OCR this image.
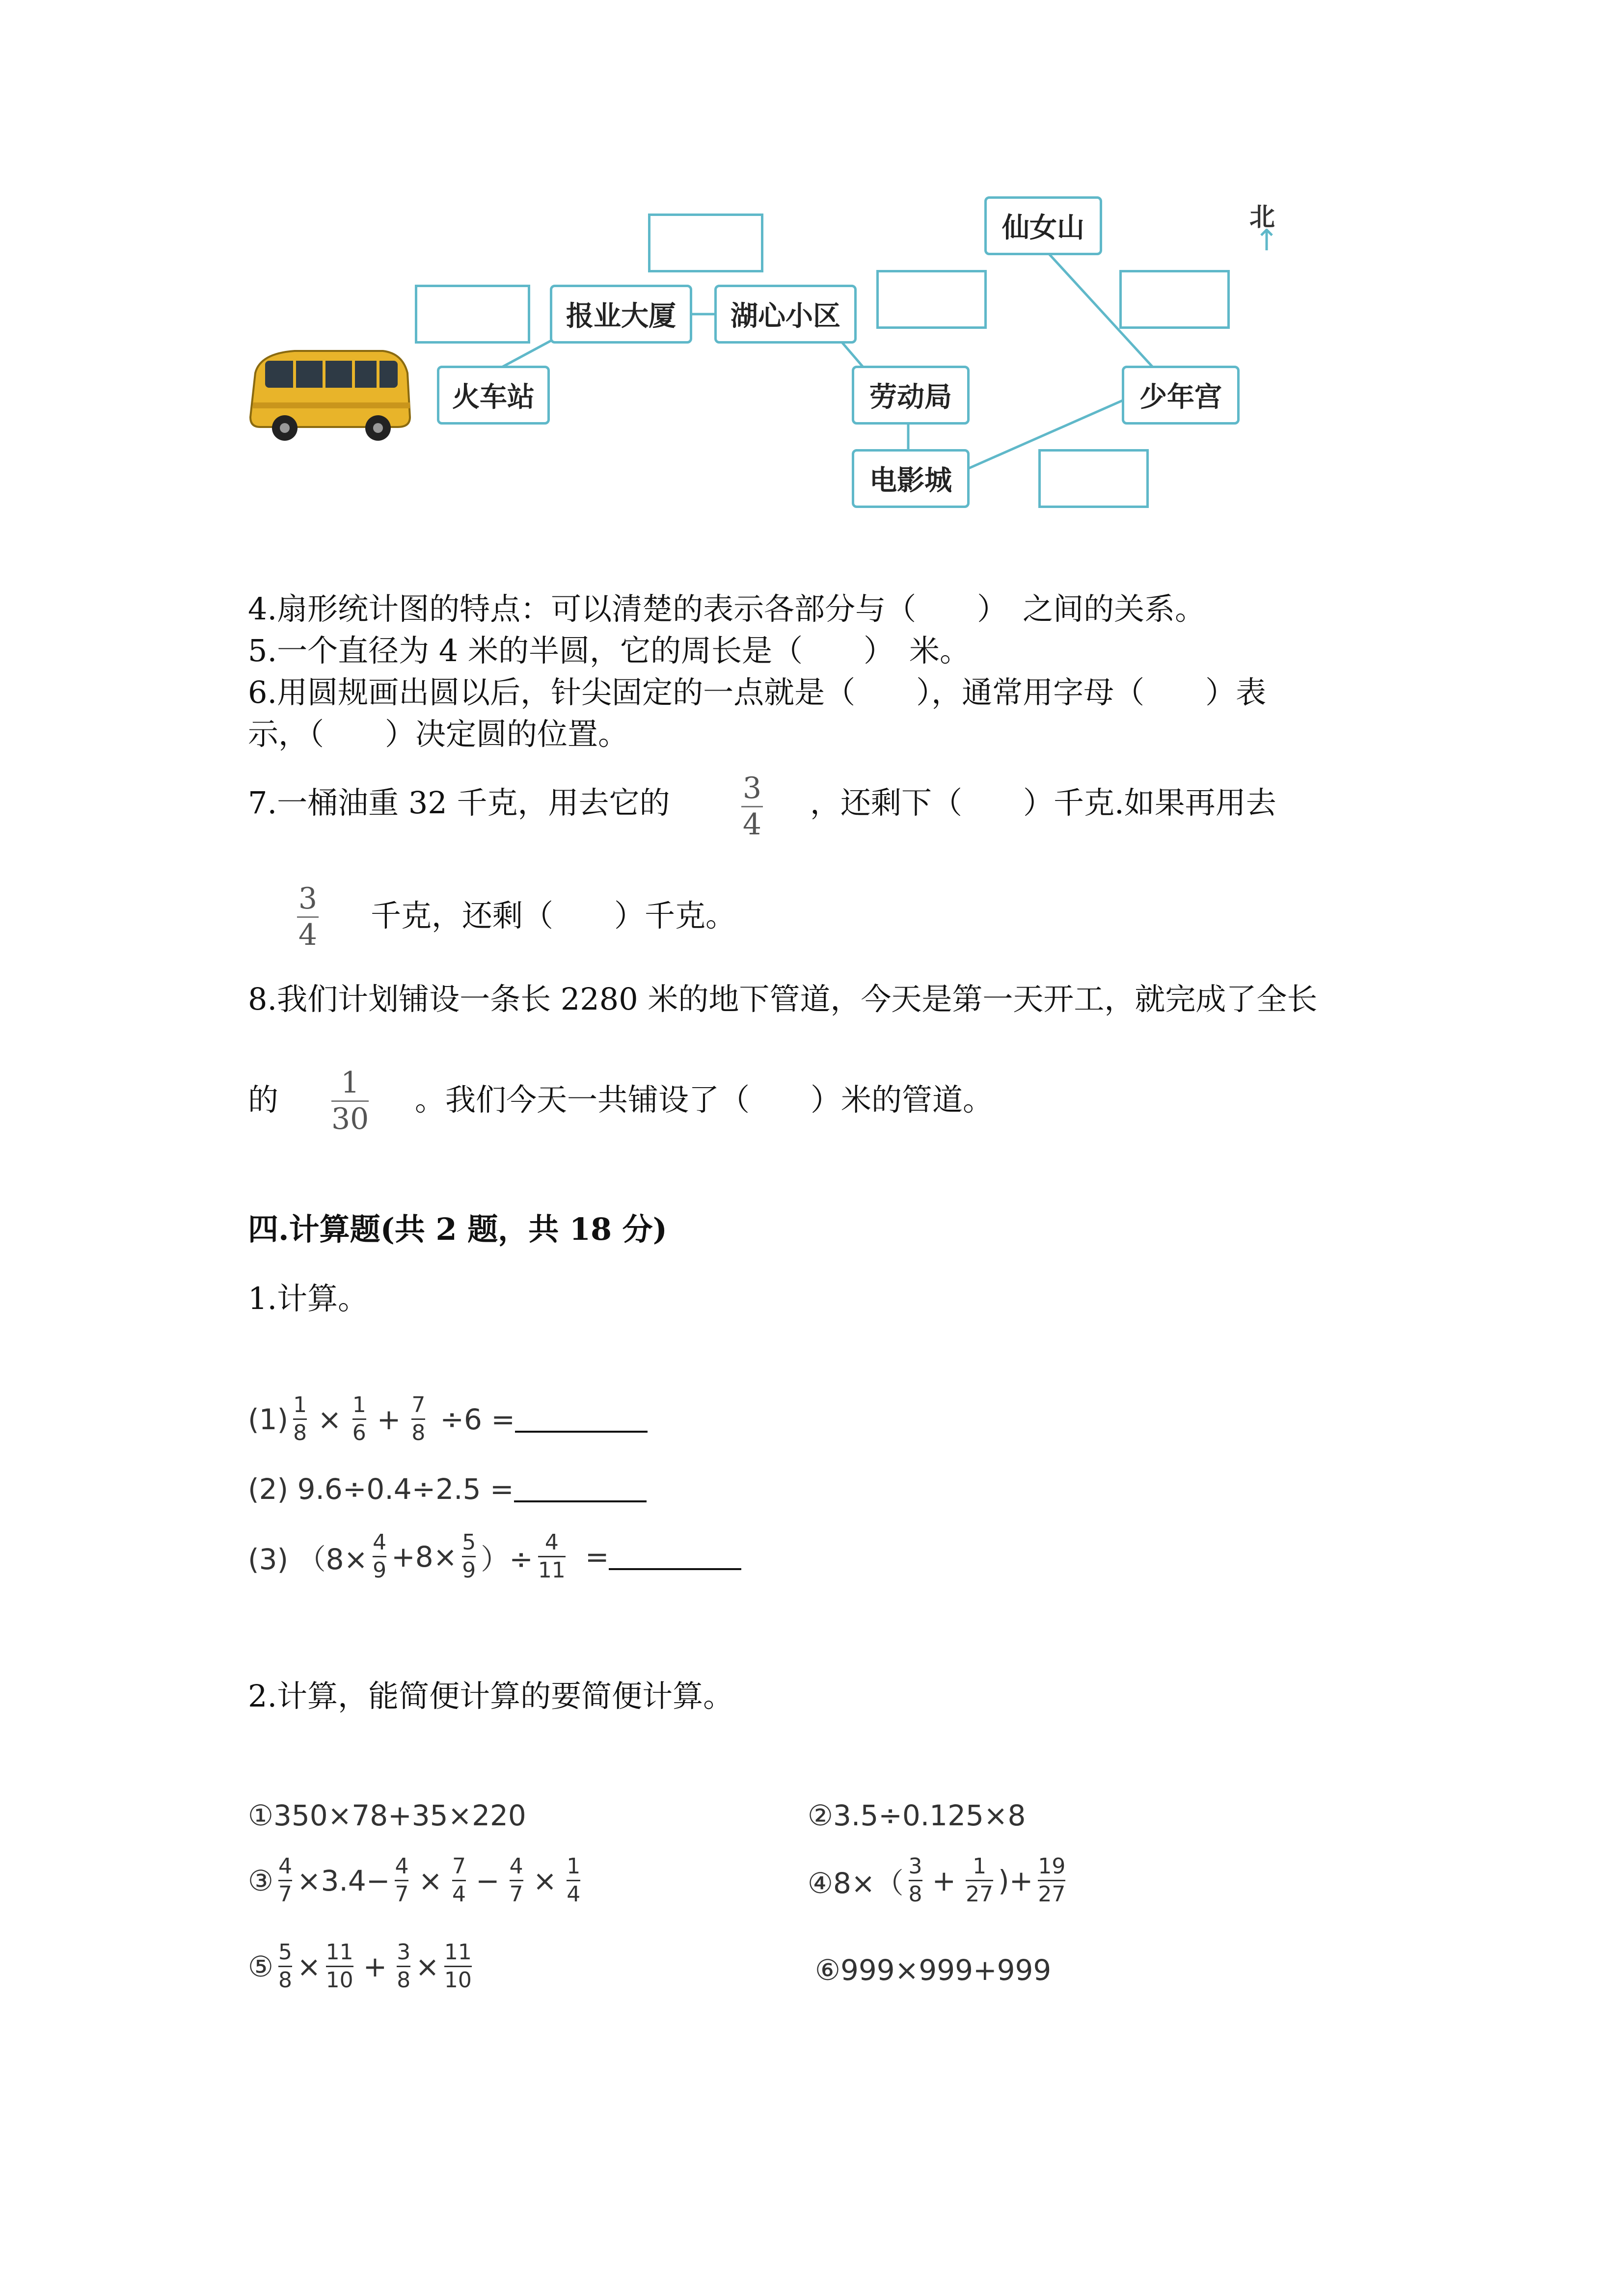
火车站
报业大厦	湖心小区
劳动局
电影城
仙女山
少年宫
北
↑
4.扇形统计图的特点：可以清楚的表示各部分与（　　）　之间的关系。
5.一个直径为 4 米的半圆，它的周长是（　　）　米。
6.用圆规画出圆以后，针尖固定的一点就是（　　），通常用字母（　　）表
示，（　　）决定圆的位置。
7.一桶油重 32 千克，用去它的 $\frac{3}{4}$ ，还剩下（　　）千克.如果再用去
$\frac{3}{4}$ 千克，还剩（　　）千克。
8.我们计划铺设一条长 2280 米的地下管道，今天是第一天开工，就完成了全长
的 $\frac{1}{30}$ 。我们今天一共铺设了（　　）米的管道。
四.计算题(共 2 题，共 18 分)
1.计算。
$(1) \frac{1}{8} \times \frac{1}{6} + \frac{7}{8} \div 6$ =
(2) 9.6÷0.4÷2.5 =
(3) （$8\times \frac{4}{9} +8\times \frac{5}{9}$ ）÷ $\frac{4}{11}$ =
2.计算，能简便计算的要简便计算。
①350×78+35×220	②3.5÷0.125×8
③ $\frac{4}{7} \times 3.4- \frac{4}{7} \times \frac{7}{4} - \frac{4}{7} \times \frac{1}{4}$	④8×（ $\frac{3}{8} + \frac{1}{27}$ )+ $\frac{19}{27}$
⑤ $\frac{5}{8} \times \frac{11}{10} + \frac{3}{8} \times \frac{11}{10}$	⑥999×999+999
